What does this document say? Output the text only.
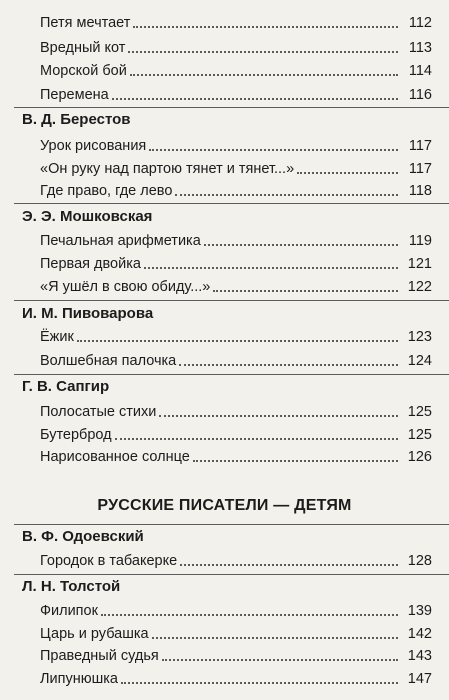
Петя мечтает	112
Вредный кот	113
Морской бой	114
Перемена	116
В. Д. Берестов
Урок рисования	117
«Он руку над партою тянет и тянет...»	117
Где право, где лево	118
Э. Э. Мошковская
Печальная арифметика	119
Первая двойка	121
«Я ушёл в свою обиду...»	122
И. М. Пивоварова
Ёжик	123
Волшебная палочка	124
Г. В. Сапгир
Полосатые стихи	125
Бутерброд	125
Нарисованное солнце	126
РУССКИЕ ПИСАТЕЛИ — ДЕТЯМ
В. Ф. Одоевский
Городок в табакерке	128
Л. Н. Толстой
Филипок	139
Царь и рубашка	142
Праведный судья	143
Липунюшка	147
